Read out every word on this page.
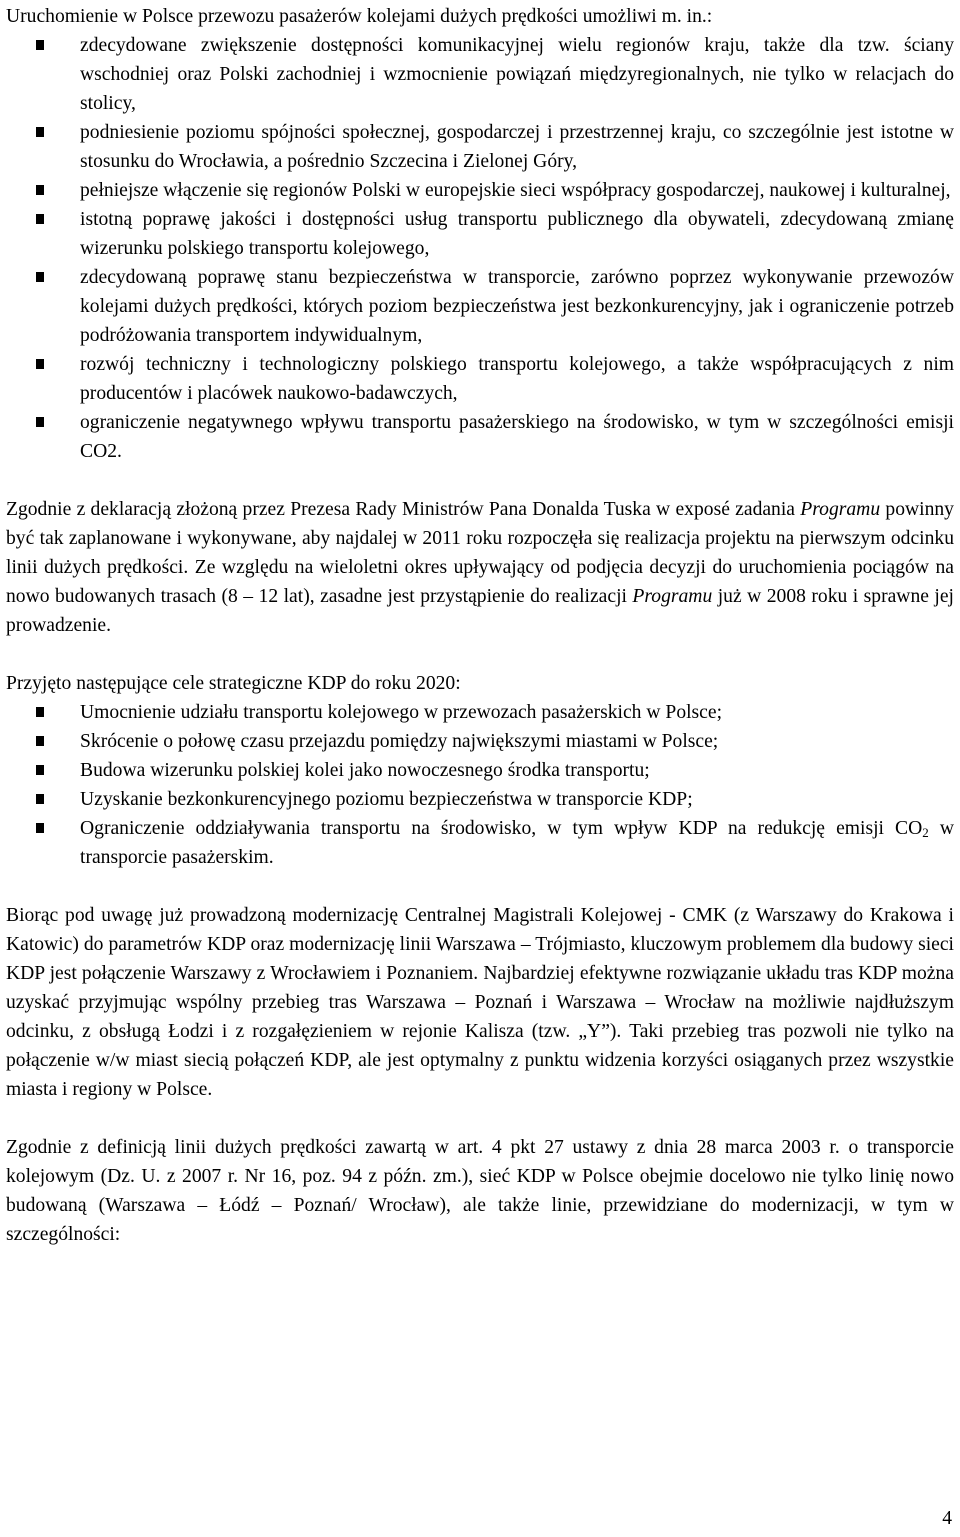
Uruchomienie w Polsce przewozu pasażerów kolejami dużych prędkości umożliwi m. in.:

zdecydowane zwiększenie dostępności komunikacyjnej wielu regionów kraju, także dla tzw. ściany wschodniej oraz Polski zachodniej i wzmocnienie powiązań międzyregionalnych, nie tylko w relacjach do stolicy,
podniesienie poziomu spójności społecznej, gospodarczej i przestrzennej kraju, co szczególnie jest istotne w stosunku do Wrocławia, a pośrednio Szczecina i Zielonej Góry,
pełniejsze włączenie się regionów Polski w europejskie sieci współpracy gospodarczej, naukowej i kulturalnej,
istotną poprawę jakości i dostępności usług transportu publicznego dla obywateli, zdecydowaną zmianę wizerunku polskiego transportu kolejowego,
zdecydowaną poprawę stanu bezpieczeństwa w transporcie, zarówno poprzez wykonywanie przewozów kolejami dużych prędkości, których poziom bezpieczeństwa jest bezkonkurencyjny, jak i ograniczenie potrzeb podróżowania transportem indywidualnym,
rozwój techniczny i technologiczny polskiego transportu kolejowego, a także współpracujących z nim producentów i placówek naukowo-badawczych,
ograniczenie negatywnego wpływu transportu pasażerskiego na środowisko, w tym w szczególności emisji CO2.

Zgodnie z deklaracją złożoną przez Prezesa Rady Ministrów Pana Donalda Tuska w exposé zadania Programu powinny być tak zaplanowane i wykonywane, aby najdalej w 2011 roku rozpoczęła się realizacja projektu na pierwszym odcinku linii dużych prędkości. Ze względu na wieloletni okres upływający od podjęcia decyzji do uruchomienia pociągów na nowo budowanych trasach (8 – 12 lat), zasadne jest przystąpienie do realizacji Programu już w 2008 roku i sprawne jej prowadzenie.

Przyjęto następujące cele strategiczne KDP do roku 2020:

Umocnienie udziału transportu kolejowego w przewozach pasażerskich w Polsce;
Skrócenie o połowę czasu przejazdu pomiędzy największymi miastami w Polsce;
Budowa wizerunku polskiej kolei jako nowoczesnego środka transportu;
Uzyskanie bezkonkurencyjnego poziomu bezpieczeństwa w transporcie KDP;
Ograniczenie oddziaływania transportu na środowisko, w tym wpływ KDP na redukcję emisji $CO_2$ w transporcie pasażerskim.

Biorąc pod uwagę już prowadzoną modernizację Centralnej Magistrali Kolejowej - CMK (z Warszawy do Krakowa i Katowic) do parametrów KDP oraz modernizację linii Warszawa – Trójmiasto, kluczowym problemem dla budowy sieci KDP jest połączenie Warszawy z Wrocławiem i Poznaniem. Najbardziej efektywne rozwiązanie układu tras KDP można uzyskać przyjmując wspólny przebieg tras Warszawa – Poznań i Warszawa – Wrocław na możliwie najdłuższym odcinku, z obsługą Łodzi i z rozgałęzieniem w rejonie Kalisza (tzw. „Y”). Taki przebieg tras pozwoli nie tylko na połączenie w/w miast siecią połączeń KDP, ale jest optymalny z punktu widzenia korzyści osiąganych przez wszystkie miasta i regiony w Polsce.

Zgodnie z definicją linii dużych prędkości zawartą w art. 4 pkt 27 ustawy z dnia 28 marca 2003 r. o transporcie kolejowym (Dz. U. z 2007 r. Nr 16, poz. 94 z późn. zm.), sieć KDP w Polsce obejmie docelowo nie tylko linię nowo budowaną (Warszawa – Łódź – Poznań/ Wrocław), ale także linie, przewidziane do modernizacji, w tym w szczególności:

4
